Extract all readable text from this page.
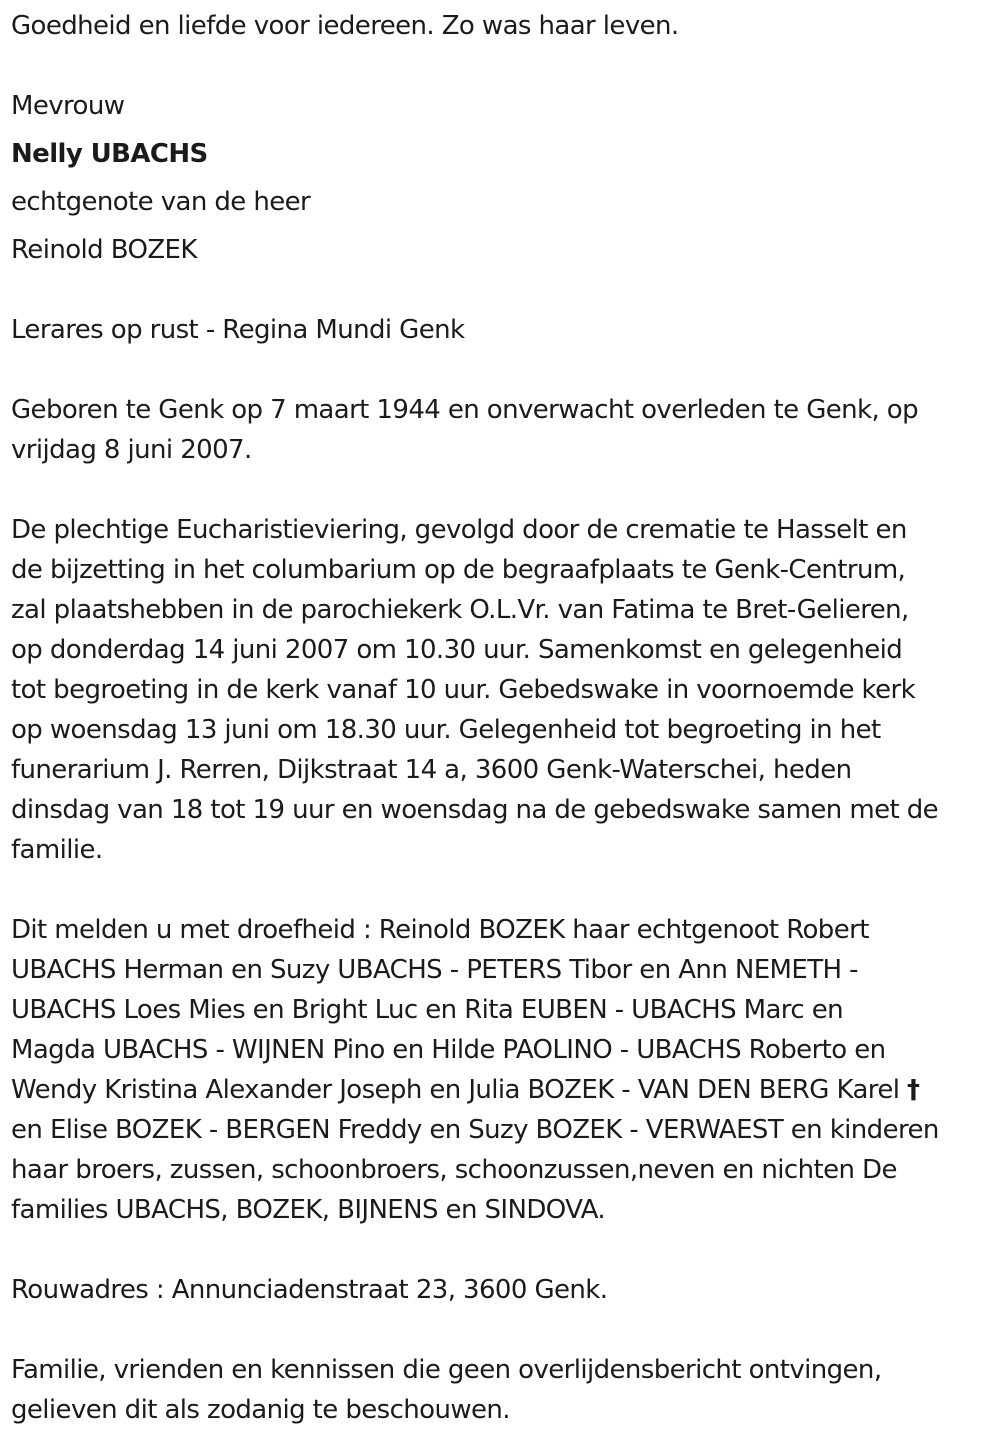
Goedheid en liefde voor iedereen. Zo was haar leven.

Mevrouw

Nelly UBACHS

echtgenote van de heer

Reinold BOZEK

Lerares op rust - Regina Mundi Genk

Geboren te Genk op 7 maart 1944 en onverwacht overleden te Genk, op
vrijdag 8 juni 2007.
De plechtige Eucharistieviering, gevolgd door de crematie te Hasselt en
de bijzetting in het columbarium op de begraafplaats te Genk-Centrum,
zal plaatshebben in de parochiekerk O.L.Vr. van Fatima te Bret-Gelieren,
op donderdag 14 juni 2007 om 10.30 uur. Samenkomst en gelegenheid
tot begroeting in de kerk vanaf 10 uur. Gebedswake in voornoemde kerk
op woensdag 13 juni om 18.30 uur. Gelegenheid tot begroeting in het
funerarium J. Rerren, Dijkstraat 14 a, 3600 Genk-Waterschei, heden
dinsdag van 18 tot 19 uur en woensdag na de gebedswake samen met de
familie.
Dit melden u met droefheid : Reinold BOZEK haar echtgenoot Robert
UBACHS Herman en Suzy UBACHS - PETERS Tibor en Ann NEMETH -
UBACHS Loes Mies en Bright Luc en Rita EUBEN - UBACHS Marc en
Magda UBACHS - WIJNEN Pino en Hilde PAOLINO - UBACHS Roberto en
Wendy Kristina Alexander Joseph en Julia BOZEK - VAN DEN BERG Karel †
en Elise BOZEK - BERGEN Freddy en Suzy BOZEK - VERWAEST en kinderen
haar broers, zussen, schoonbroers, schoonzussen,neven en nichten De
families UBACHS, BOZEK, BIJNENS en SINDOVA.

Rouwadres : Annunciadenstraat 23, 3600 Genk.

Familie, vrienden en kennissen die geen overlijdensbericht ontvingen,
gelieven dit als zodanig te beschouwen.
